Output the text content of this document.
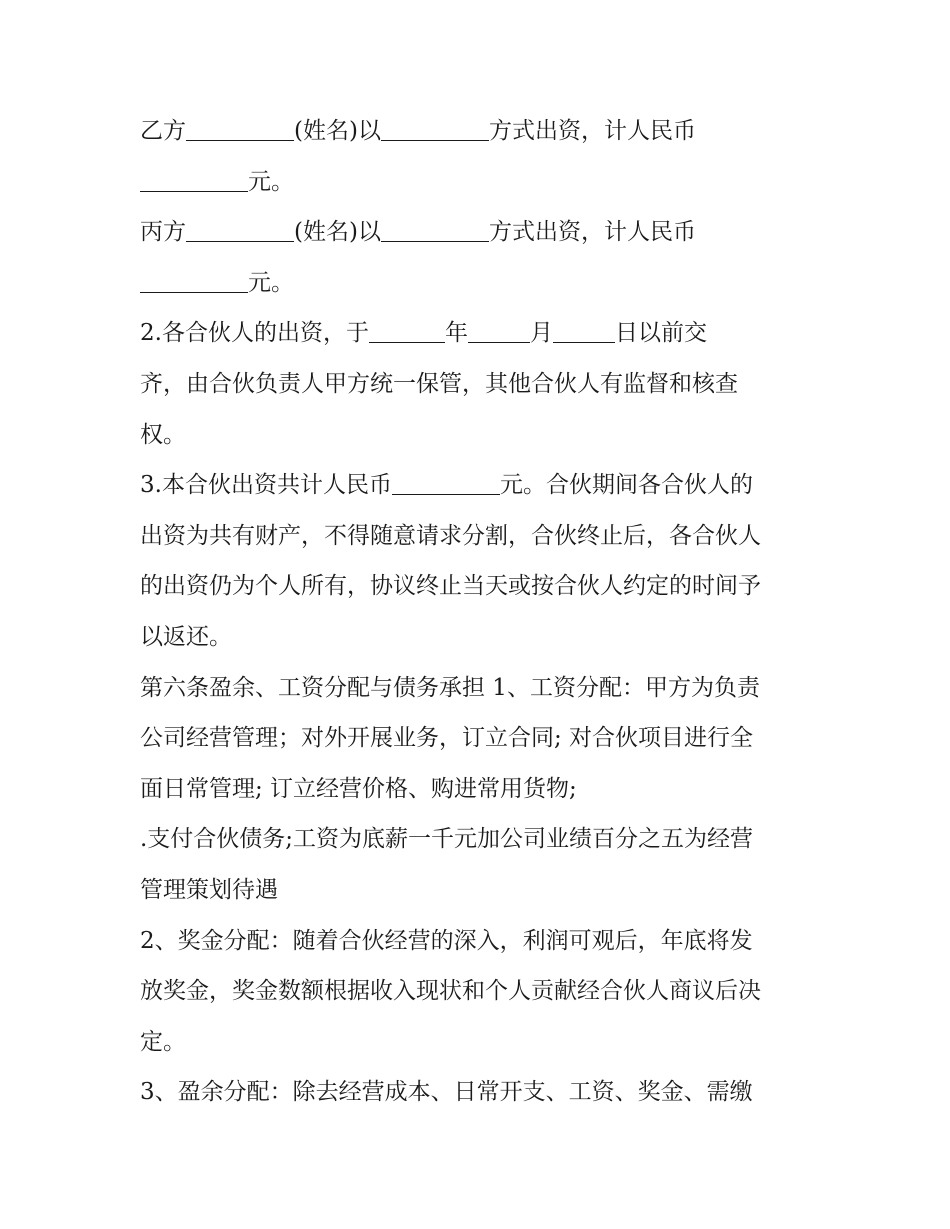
乙方	(姓名)以	方式出资，计人民币
元。
丙方	(姓名)以	方式出资，计人民币
元。
2.各合伙人的出资，于	年	月	日以前交
齐，由合伙负责人甲方统一保管，其他合伙人有监督和核查
权。
3.本合伙出资共计人民币	元。合伙期间各合伙人的
出资为共有财产，不得随意请求分割，合伙终止后，各合伙人
的出资仍为个人所有，协议终止当天或按合伙人约定的时间予
以返还。
第六条盈余、工资分配与债务承担 1、工资分配：甲方为负责
公司经营管理；对外开展业务，订立合同; 对合伙项目进行全
面日常管理; 订立经营价格、购进常用货物;
.支付合伙债务;工资为底薪一千元加公司业绩百分之五为经营
管理策划待遇
2、奖金分配：随着合伙经营的深入，利润可观后，年底将发
放奖金，奖金数额根据收入现状和个人贡献经合伙人商议后决
定。
3、盈余分配：除去经营成本、日常开支、工资、奖金、需缴
